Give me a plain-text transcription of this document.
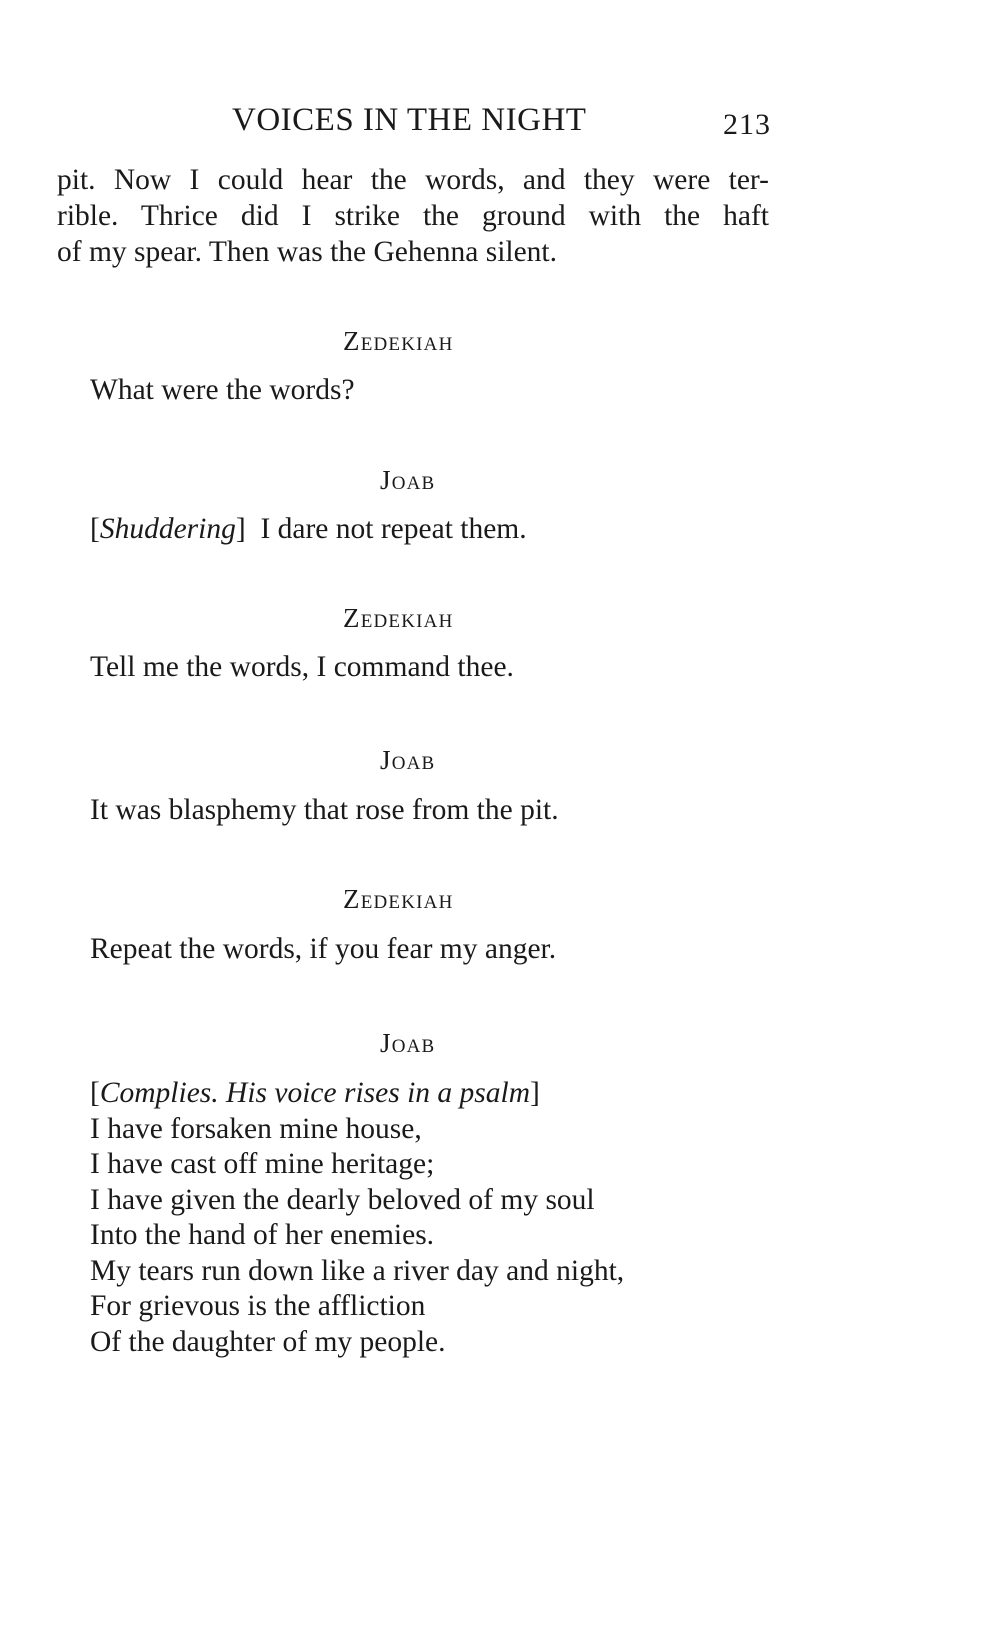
VOICES IN THE NIGHT	213
pit. Now I could hear the words, and they were ter-
rible. Thrice did I strike the ground with the haft
of my spear. Then was the Gehenna silent.
Zedekiah
What were the words?
Joab
[Shuddering]  I dare not repeat them.
Zedekiah
Tell me the words, I command thee.
Joab
It was blasphemy that rose from the pit.
Zedekiah
Repeat the words, if you fear my anger.
Joab
[Complies. His voice rises in a psalm]
I have forsaken mine house,
I have cast off mine heritage;
I have given the dearly beloved of my soul
Into the hand of her enemies.
My tears run down like a river day and night,
For grievous is the affliction
Of the daughter of my people.
